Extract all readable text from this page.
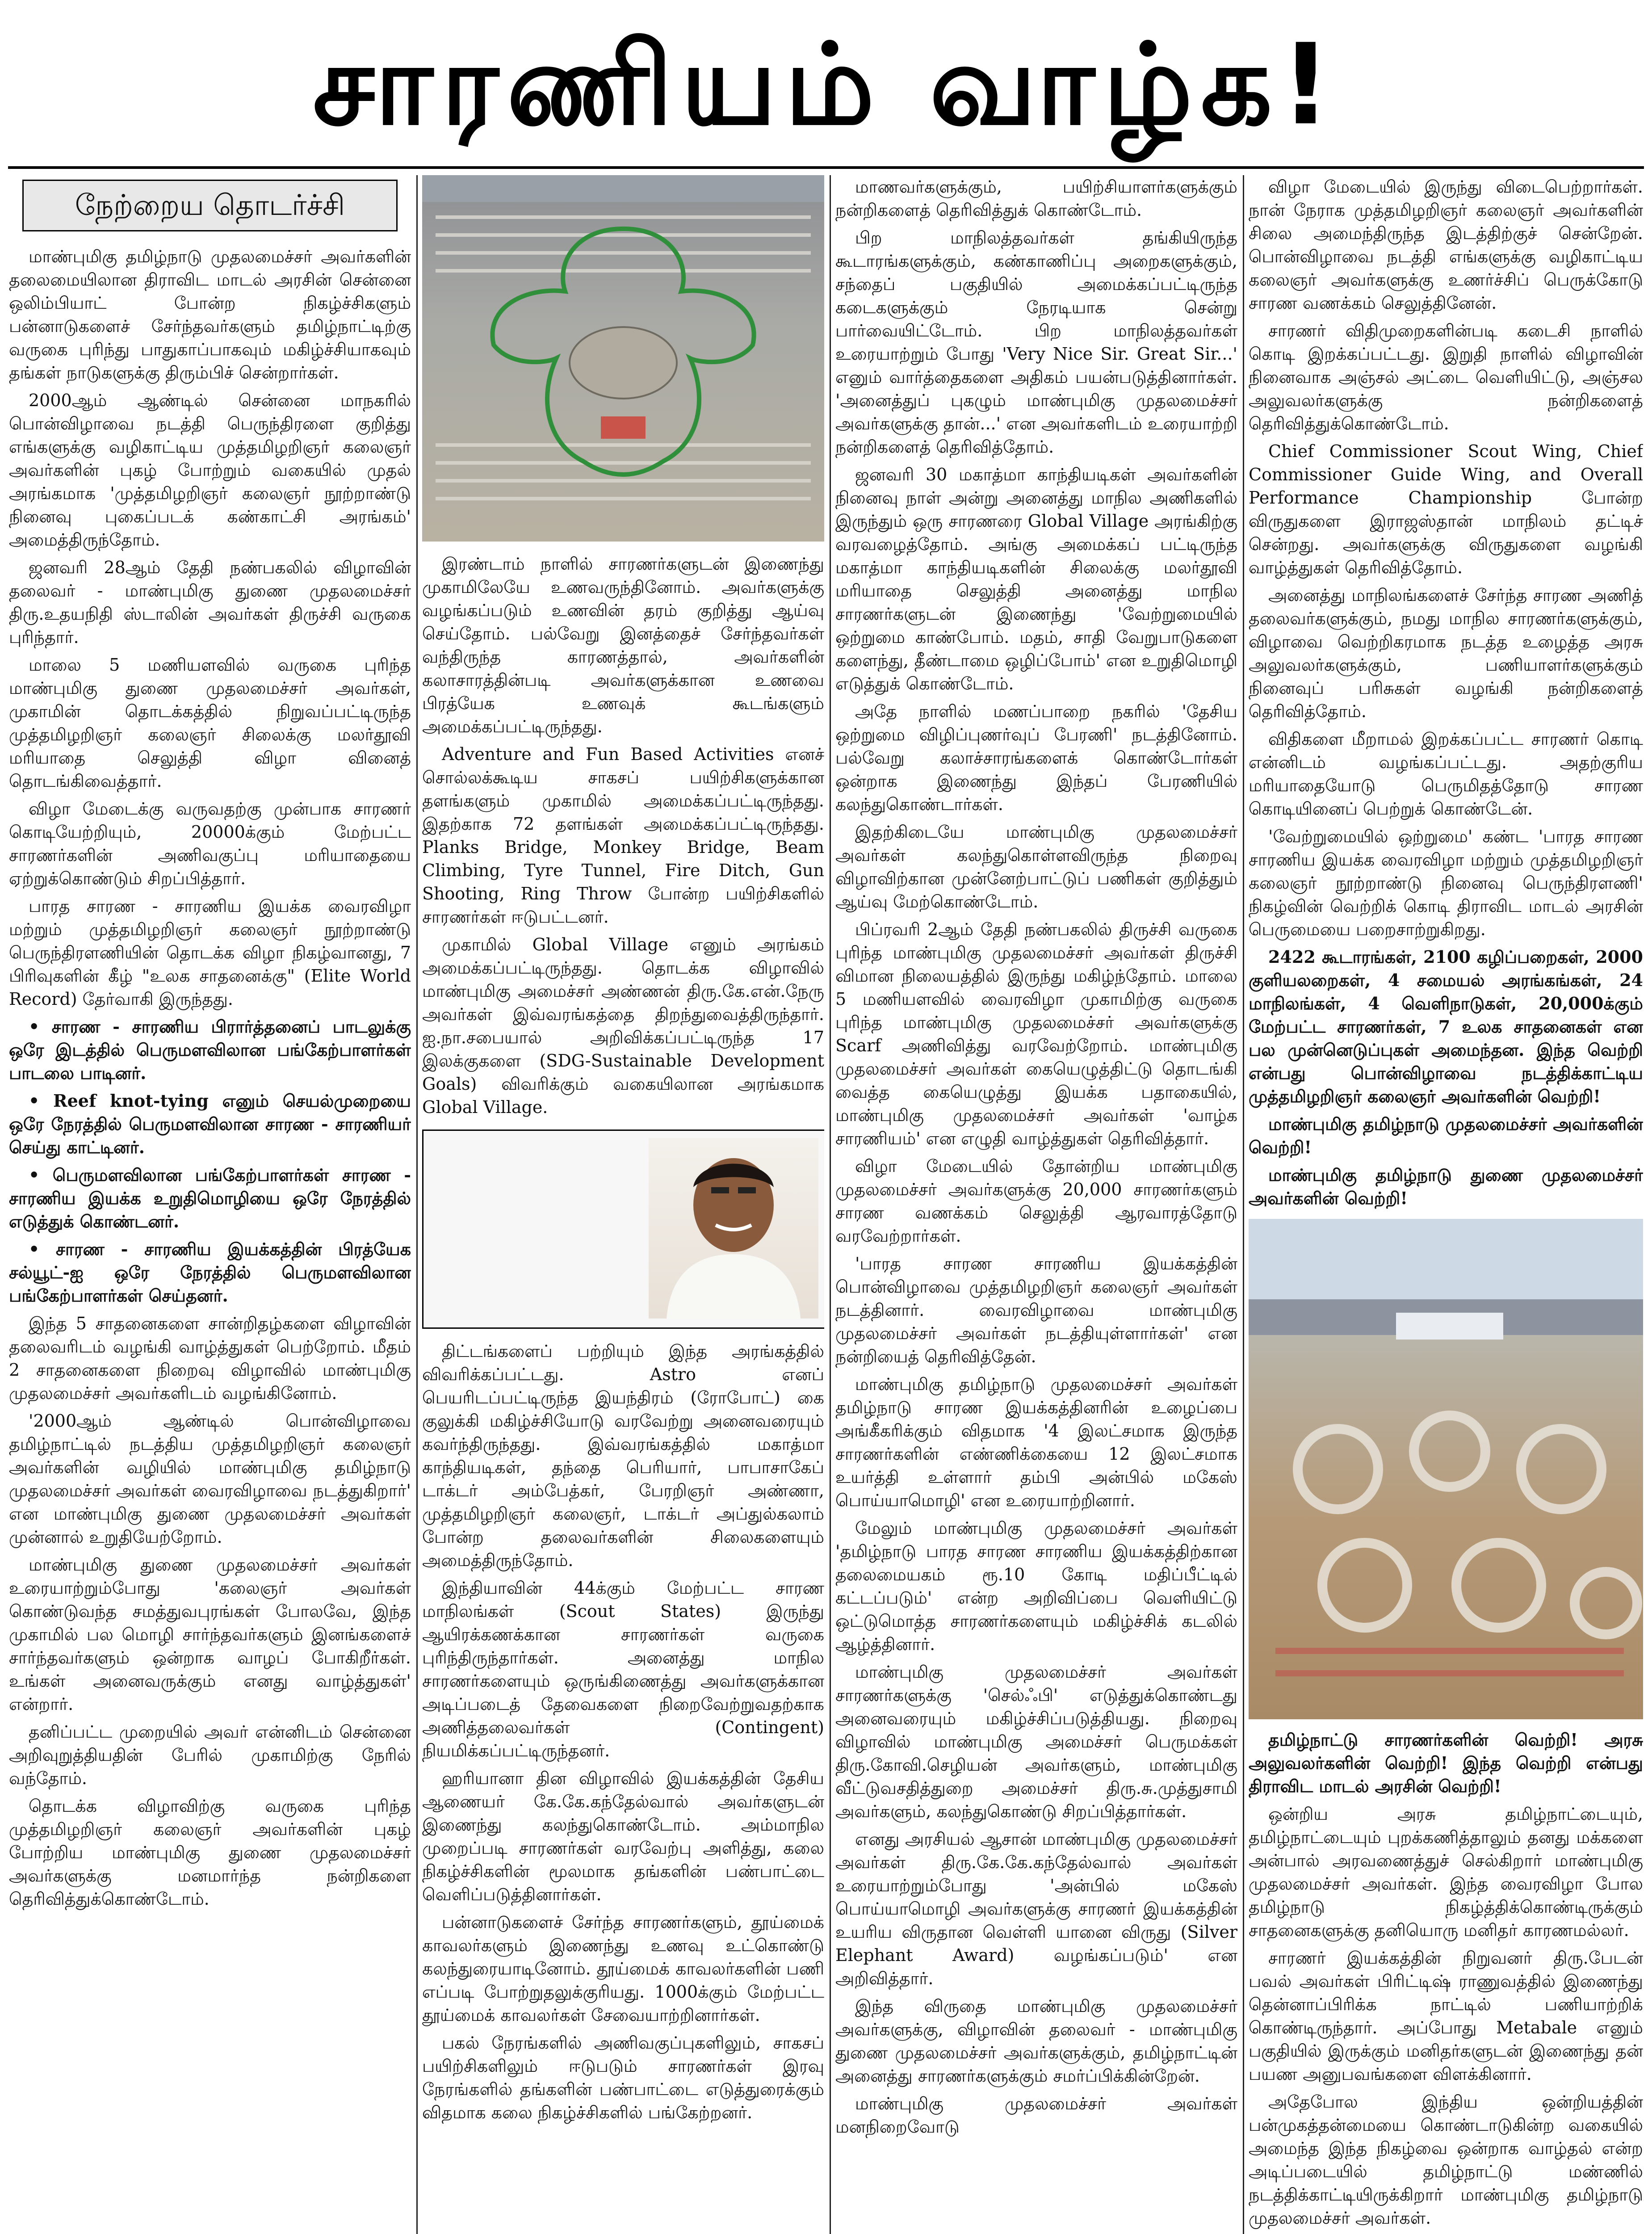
சாரணியம் வாழ்க!
நேற்றைய தொடர்ச்சி

மாண்புமிகு தமிழ்நாடு முதலமைச்சர் அவர்களின் தலைமையிலான திராவிட மாடல் அரசின் சென்னை ஒலிம்பியாட் போன்ற நிகழ்ச்சிகளும் பன்னாடுகளைச் சேர்ந்தவர்களும் தமிழ்நாட்டிற்கு வருகை புரிந்து பாதுகாப்பாகவும் மகிழ்ச்சியாகவும் தங்கள் நாடுகளுக்கு திரும்பிச் சென்றார்கள்.

2000ஆம் ஆண்டில் சென்னை மாநகரில் பொன்விழாவை நடத்தி பெருந்திரளை குறித்து எங்களுக்கு வழிகாட்டிய முத்தமிழறிஞர் கலைஞர் அவர்களின் புகழ் போற்றும் வகையில் முதல் அரங்கமாக 'முத்தமிழறிஞர் கலைஞர் நூற்றாண்டு நினைவு புகைப்படக் கண்காட்சி அரங்கம்' அமைத்திருந்தோம்.

ஜனவரி 28ஆம் தேதி நண்பகலில் விழாவின் தலைவர் - மாண்புமிகு துணை முதலமைச்சர் திரு.உதயநிதி ஸ்டாலின் அவர்கள் திருச்சி வருகை புரிந்தார்.

மாலை 5 மணியளவில் வருகை புரிந்த மாண்புமிகு துணை முதலமைச்சர் அவர்கள், முகாமின் தொடக்கத்தில் நிறுவப்பட்டிருந்த முத்தமிழறிஞர் கலைஞர் சிலைக்கு மலர்தூவி மரியாதை செலுத்தி விழா வினைத் தொடங்கிவைத்தார்.

விழா மேடைக்கு வருவதற்கு முன்பாக சாரணர் கொடியேற்றியும், 20000க்கும் மேற்பட்ட சாரணர்களின் அணிவகுப்பு மரியாதையை ஏற்றுக்கொண்டும் சிறப்பித்தார்.

பாரத சாரண - சாரணிய இயக்க வைரவிழா மற்றும் முத்தமிழறிஞர் கலைஞர் நூற்றாண்டு பெருந்திரளணியின் தொடக்க விழா நிகழ்வானது, 7 பிரிவுகளின் கீழ் "உலக சாதனைக்கு" (Elite World Record) தேர்வாகி இருந்தது.

• சாரண - சாரணிய பிரார்த்தனைப் பாடலுக்கு ஒரே இடத்தில் பெருமளவிலான பங்கேற்பாளர்கள் பாடலை பாடினர்.

• Reef knot-tying எனும் செயல்முறையை ஒரே நேரத்தில் பெருமளவிலான சாரண - சாரணியர் செய்து காட்டினர்.

• பெருமளவிலான பங்கேற்பாளர்கள் சாரண - சாரணிய இயக்க உறுதிமொழியை ஒரே நேரத்தில் எடுத்துக் கொண்டனர்.

• சாரண - சாரணிய இயக்கத்தின் பிரத்யேக சல்யூட்-ஐ ஒரே நேரத்தில் பெருமளவிலான பங்கேற்பாளர்கள் செய்தனர்.

இந்த 5 சாதனைகளை சான்றிதழ்களை விழாவின் தலைவரிடம் வழங்கி வாழ்த்துகள் பெற்றோம். மீதம் 2 சாதனைகளை நிறைவு விழாவில் மாண்புமிகு முதலமைச்சர் அவர்களிடம் வழங்கினோம்.

'2000ஆம் ஆண்டில் பொன்விழாவை தமிழ்நாட்டில் நடத்திய முத்தமிழறிஞர் கலைஞர் அவர்களின் வழியில் மாண்புமிகு தமிழ்நாடு முதலமைச்சர் அவர்கள் வைரவிழாவை நடத்துகிறார்' என மாண்புமிகு துணை முதலமைச்சர் அவர்கள் முன்னால் உறுதியேற்றோம்.

மாண்புமிகு துணை முதலமைச்சர் அவர்கள் உரையாற்றும்போது 'கலைஞர் அவர்கள் கொண்டுவந்த சமத்துவபுரங்கள் போலவே, இந்த முகாமில் பல மொழி சார்ந்தவர்களும் இனங்களைச் சார்ந்தவர்களும் ஒன்றாக வாழப் போகிறீர்கள். உங்கள் அனைவருக்கும் எனது வாழ்த்துகள்' என்றார்.

தனிப்பட்ட முறையில் அவர் என்னிடம் சென்னை அறிவுறுத்தியதின் பேரில் முகாமிற்கு நேரில் வந்தோம்.

தொடக்க விழாவிற்கு வருகை புரிந்த முத்தமிழறிஞர் கலைஞர் அவர்களின் புகழ் போற்றிய மாண்புமிகு துணை முதலமைச்சர் அவர்களுக்கு மனமார்ந்த நன்றிகளை தெரிவித்துக்கொண்டோம்.

இரண்டாம் நாளில் சாரணர்களுடன் இணைந்து முகாமிலேயே உணவருந்தினோம். அவர்களுக்கு வழங்கப்படும் உணவின் தரம் குறித்து ஆய்வு செய்தோம். பல்வேறு இனத்தைச் சேர்ந்தவர்கள் வந்திருந்த காரணத்தால், அவர்களின் கலாசாரத்தின்படி அவர்களுக்கான உணவை பிரத்யேக உணவுக் கூடங்களும் அமைக்கப்பட்டிருந்தது.

Adventure and Fun Based Activities எனச் சொல்லக்கூடிய சாகசப் பயிற்சிகளுக்கான தளங்களும் முகாமில் அமைக்கப்பட்டிருந்தது. இதற்காக 72 தளங்கள் அமைக்கப்பட்டிருந்தது. Planks Bridge, Monkey Bridge, Beam Climbing, Tyre Tunnel, Fire Ditch, Gun Shooting, Ring Throw போன்ற பயிற்சிகளில் சாரணர்கள் ஈடுபட்டனர்.

முகாமில் Global Village எனும் அரங்கம் அமைக்கப்பட்டிருந்தது. தொடக்க விழாவில் மாண்புமிகு அமைச்சர் அண்ணன் திரு.கே.என்.நேரு அவர்கள் இவ்வரங்கத்தை திறந்துவைத்திருந்தார். ஐ.நா.சபையால் அறிவிக்கப்பட்டிருந்த 17 இலக்குகளை (SDG-Sustainable Development Goals) விவரிக்கும் வகையிலான அரங்கமாக Global Village.

திட்டங்களைப் பற்றியும் இந்த அரங்கத்தில் விவரிக்கப்பட்டது. Astro எனப் பெயரிடப்பட்டிருந்த இயந்திரம் (ரோபோட்) கை குலுக்கி மகிழ்ச்சியோடு வரவேற்று அனைவரையும் கவர்ந்திருந்தது. இவ்வரங்கத்தில் மகாத்மா காந்தியடிகள், தந்தை பெரியார், பாபாசாகேப் டாக்டர் அம்பேத்கர், பேரறிஞர் அண்ணா, முத்தமிழறிஞர் கலைஞர், டாக்டர் அப்துல்கலாம் போன்ற தலைவர்களின் சிலைகளையும் அமைத்திருந்தோம்.

இந்தியாவின் 44க்கும் மேற்பட்ட சாரண மாநிலங்கள் (Scout States) இருந்து ஆயிரக்கணக்கான சாரணர்கள் வருகை புரிந்திருந்தார்கள். அனைத்து மாநில சாரணர்களையும் ஒருங்கிணைத்து அவர்களுக்கான அடிப்படைத் தேவைகளை நிறைவேற்றுவதற்காக அணித்தலைவர்கள் (Contingent) நியமிக்கப்பட்டிருந்தனர்.

ஹரியானா தின விழாவில் இயக்கத்தின் தேசிய ஆணையர் கே.கே.கந்தேல்வால் அவர்களுடன் இணைந்து கலந்துகொண்டோம். அம்மாநில முறைப்படி சாரணர்கள் வரவேற்பு அளித்து, கலை நிகழ்ச்சிகளின் மூலமாக தங்களின் பண்பாட்டை வெளிப்படுத்தினார்கள்.

பன்னாடுகளைச் சேர்ந்த சாரணர்களும், தூய்மைக் காவலர்களும் இணைந்து உணவு உட்கொண்டு கலந்துரையாடினோம். தூய்மைக் காவலர்களின் பணி எப்படி போற்றுதலுக்குரியது. 1000க்கும் மேற்பட்ட தூய்மைக் காவலர்கள் சேவையாற்றினார்கள்.

பகல் நேரங்களில் அணிவகுப்புகளிலும், சாகசப் பயிற்சிகளிலும் ஈடுபடும் சாரணர்கள் இரவு நேரங்களில் தங்களின் பண்பாட்டை எடுத்துரைக்கும் விதமாக கலை நிகழ்ச்சிகளில் பங்கேற்றனர்.

மாணவர்களுக்கும், பயிற்சியாளர்களுக்கும் நன்றிகளைத் தெரிவித்துக் கொண்டோம்.

பிற மாநிலத்தவர்கள் தங்கியிருந்த கூடாரங்களுக்கும், கண்காணிப்பு அறைகளுக்கும், சந்தைப் பகுதியில் அமைக்கப்பட்டிருந்த கடைகளுக்கும் நேரடியாக சென்று பார்வையிட்டோம். பிற மாநிலத்தவர்கள் உரையாற்றும் போது 'Very Nice Sir. Great Sir...' எனும் வார்த்தைகளை அதிகம் பயன்படுத்தினார்கள். 'அனைத்துப் புகழும் மாண்புமிகு முதலமைச்சர் அவர்களுக்கு தான்...' என அவர்களிடம் உரையாற்றி நன்றிகளைத் தெரிவித்தோம்.

ஜனவரி 30 மகாத்மா காந்தியடிகள் அவர்களின் நினைவு நாள் அன்று அனைத்து மாநில அணிகளில் இருந்தும் ஒரு சாரணரை Global Village அரங்கிற்கு வரவழைத்தோம். அங்கு அமைக்கப் பட்டிருந்த மகாத்மா காந்தியடிகளின் சிலைக்கு மலர்தூவி மரியாதை செலுத்தி அனைத்து மாநில சாரணர்களுடன் இணைந்து 'வேற்றுமையில் ஒற்றுமை காண்போம். மதம், சாதி வேறுபாடுகளை களைந்து, தீண்டாமை ஒழிப்போம்' என உறுதிமொழி எடுத்துக் கொண்டோம்.

அதே நாளில் மணப்பாறை நகரில் 'தேசிய ஒற்றுமை விழிப்புணர்வுப் பேரணி' நடத்தினோம். பல்வேறு கலாச்சாரங்களைக் கொண்டோர்கள் ஒன்றாக இணைந்து இந்தப் பேரணியில் கலந்துகொண்டார்கள்.

இதற்கிடையே மாண்புமிகு முதலமைச்சர் அவர்கள் கலந்துகொள்ளவிருந்த நிறைவு விழாவிற்கான முன்னேற்பாட்டுப் பணிகள் குறித்தும் ஆய்வு மேற்கொண்டோம்.

பிப்ரவரி 2ஆம் தேதி நண்பகலில் திருச்சி வருகை புரிந்த மாண்புமிகு முதலமைச்சர் அவர்கள் திருச்சி விமான நிலையத்தில் இருந்து மகிழ்ந்தோம். மாலை 5 மணியளவில் வைரவிழா முகாமிற்கு வருகை புரிந்த மாண்புமிகு முதலமைச்சர் அவர்களுக்கு Scarf அணிவித்து வரவேற்றோம். மாண்புமிகு முதலமைச்சர் அவர்கள் கையெழுத்திட்டு தொடங்கி வைத்த கையெழுத்து இயக்க பதாகையில், மாண்புமிகு முதலமைச்சர் அவர்கள் 'வாழ்க சாரணியம்' என எழுதி வாழ்த்துகள் தெரிவித்தார்.

விழா மேடையில் தோன்றிய மாண்புமிகு முதலமைச்சர் அவர்களுக்கு 20,000 சாரணர்களும் சாரண வணக்கம் செலுத்தி ஆரவாரத்தோடு வரவேற்றார்கள்.

'பாரத சாரண சாரணிய இயக்கத்தின் பொன்விழாவை முத்தமிழறிஞர் கலைஞர் அவர்கள் நடத்தினார். வைரவிழாவை மாண்புமிகு முதலமைச்சர் அவர்கள் நடத்தியுள்ளார்கள்' என நன்றியைத் தெரிவித்தேன்.

மாண்புமிகு தமிழ்நாடு முதலமைச்சர் அவர்கள் தமிழ்நாடு சாரண இயக்கத்தினரின் உழைப்பை அங்கீகரிக்கும் விதமாக '4 இலட்சமாக இருந்த சாரணர்களின் எண்ணிக்கையை 12 இலட்சமாக உயர்த்தி உள்ளார் தம்பி அன்பில் மகேஸ் பொய்யாமொழி' என உரையாற்றினார்.

மேலும் மாண்புமிகு முதலமைச்சர் அவர்கள் 'தமிழ்நாடு பாரத சாரண சாரணிய இயக்கத்திற்கான தலைமையகம் ரூ.10 கோடி மதிப்பீட்டில் கட்டப்படும்' என்ற அறிவிப்பை வெளியிட்டு ஒட்டுமொத்த சாரணர்களையும் மகிழ்ச்சிக் கடலில் ஆழ்த்தினார்.

மாண்புமிகு முதலமைச்சர் அவர்கள் சாரணர்களுக்கு 'செல்ஃபி' எடுத்துக்கொண்டது அனைவரையும் மகிழ்ச்சிப்படுத்தியது. நிறைவு விழாவில் மாண்புமிகு அமைச்சர் பெருமக்கள் திரு.கோவி.செழியன் அவர்களும், மாண்புமிகு வீட்டுவசதித்துறை அமைச்சர் திரு.சு.முத்துசாமி அவர்களும், கலந்துகொண்டு சிறப்பித்தார்கள்.

எனது அரசியல் ஆசான் மாண்புமிகு முதலமைச்சர் அவர்கள் திரு.கே.கே.கந்தேல்வால் அவர்கள் உரையாற்றும்போது 'அன்பில் மகேஸ் பொய்யாமொழி அவர்களுக்கு சாரணர் இயக்கத்தின் உயரிய விருதான வெள்ளி யானை விருது (Silver Elephant Award) வழங்கப்படும்' என அறிவித்தார்.

இந்த விருதை மாண்புமிகு முதலமைச்சர் அவர்களுக்கு, விழாவின் தலைவர் - மாண்புமிகு துணை முதலமைச்சர் அவர்களுக்கும், தமிழ்நாட்டின் அனைத்து சாரணர்களுக்கும் சமர்ப்பிக்கின்றேன்.

மாண்புமிகு முதலமைச்சர் அவர்கள் மனநிறைவோடு

விழா மேடையில் இருந்து விடைபெற்றார்கள். நான் நேராக முத்தமிழறிஞர் கலைஞர் அவர்களின் சிலை அமைந்திருந்த இடத்திற்குச் சென்றேன். பொன்விழாவை நடத்தி எங்களுக்கு வழிகாட்டிய கலைஞர் அவர்களுக்கு உணர்ச்சிப் பெருக்கோடு சாரண வணக்கம் செலுத்தினேன்.

சாரணர் விதிமுறைகளின்படி கடைசி நாளில் கொடி இறக்கப்பட்டது. இறுதி நாளில் விழாவின் நினைவாக அஞ்சல் அட்டை வெளியிட்டு, அஞ்சல அலுவலர்களுக்கு நன்றிகளைத் தெரிவித்துக்கொண்டோம்.

Chief Commissioner Scout Wing, Chief Commissioner Guide Wing, and Overall Performance Championship போன்ற விருதுகளை இராஜஸ்தான் மாநிலம் தட்டிச் சென்றது. அவர்களுக்கு விருதுகளை வழங்கி வாழ்த்துகள் தெரிவித்தோம்.

அனைத்து மாநிலங்களைச் சேர்ந்த சாரண அணித் தலைவர்களுக்கும், நமது மாநில சாரணர்களுக்கும், விழாவை வெற்றிகரமாக நடத்த உழைத்த அரசு அலுவலர்களுக்கும், பணியாளர்களுக்கும் நினைவுப் பரிசுகள் வழங்கி நன்றிகளைத் தெரிவித்தோம்.

விதிகளை மீறாமல் இறக்கப்பட்ட சாரணர் கொடி என்னிடம் வழங்கப்பட்டது. அதற்குரிய மரியாதையோடு பெருமிதத்தோடு சாரண கொடியினைப் பெற்றுக் கொண்டேன்.

'வேற்றுமையில் ஒற்றுமை' கண்ட 'பாரத சாரண சாரணிய இயக்க வைரவிழா மற்றும் முத்தமிழறிஞர் கலைஞர் நூற்றாண்டு நினைவு பெருந்திரளணி' நிகழ்வின் வெற்றிக் கொடி திராவிட மாடல் அரசின் பெருமையை பறைசாற்றுகிறது.

2422 கூடாரங்கள், 2100 கழிப்பறைகள், 2000 குளியலறைகள், 4 சமையல் அரங்கங்கள், 24 மாநிலங்கள், 4 வெளிநாடுகள், 20,000க்கும் மேற்பட்ட சாரணர்கள், 7 உலக சாதனைகள் என பல முன்னெடுப்புகள் அமைந்தன. இந்த வெற்றி என்பது பொன்விழாவை நடத்திக்காட்டிய முத்தமிழறிஞர் கலைஞர் அவர்களின் வெற்றி!

மாண்புமிகு தமிழ்நாடு முதலமைச்சர் அவர்களின் வெற்றி!

மாண்புமிகு தமிழ்நாடு துணை முதலமைச்சர் அவர்களின் வெற்றி!

தமிழ்நாட்டு சாரணர்களின் வெற்றி! அரசு அலுவலர்களின் வெற்றி! இந்த வெற்றி என்பது திராவிட மாடல் அரசின் வெற்றி!

ஒன்றிய அரசு தமிழ்நாட்டையும், தமிழ்நாட்டையும் புறக்கணித்தாலும் தனது மக்களை அன்பால் அரவணைத்துச் செல்கிறார் மாண்புமிகு முதலமைச்சர் அவர்கள். இந்த வைரவிழா போல தமிழ்நாடு நிகழ்த்திக்கொண்டிருக்கும் சாதனைகளுக்கு தனியொரு மனிதர் காரணமல்லர்.

சாரணர் இயக்கத்தின் நிறுவனர் திரு.பேடன் பவல் அவர்கள் பிரிட்டிஷ் ராணுவத்தில் இணைந்து தென்னாப்பிரிக்க நாட்டில் பணியாற்றிக் கொண்டிருந்தார். அப்போது Metabale எனும் பகுதியில் இருக்கும் மனிதர்களுடன் இணைந்து தன் பயண அனுபவங்களை விளக்கினார்.

அதேபோல இந்திய ஒன்றியத்தின் பன்முகத்தன்மையை கொண்டாடுகின்ற வகையில் அமைந்த இந்த நிகழ்வை ஒன்றாக வாழ்தல் என்ற அடிப்படையில் தமிழ்நாட்டு மண்ணில் நடத்திக்காட்டியிருக்கிறார் மாண்புமிகு தமிழ்நாடு முதலமைச்சர் அவர்கள்.
